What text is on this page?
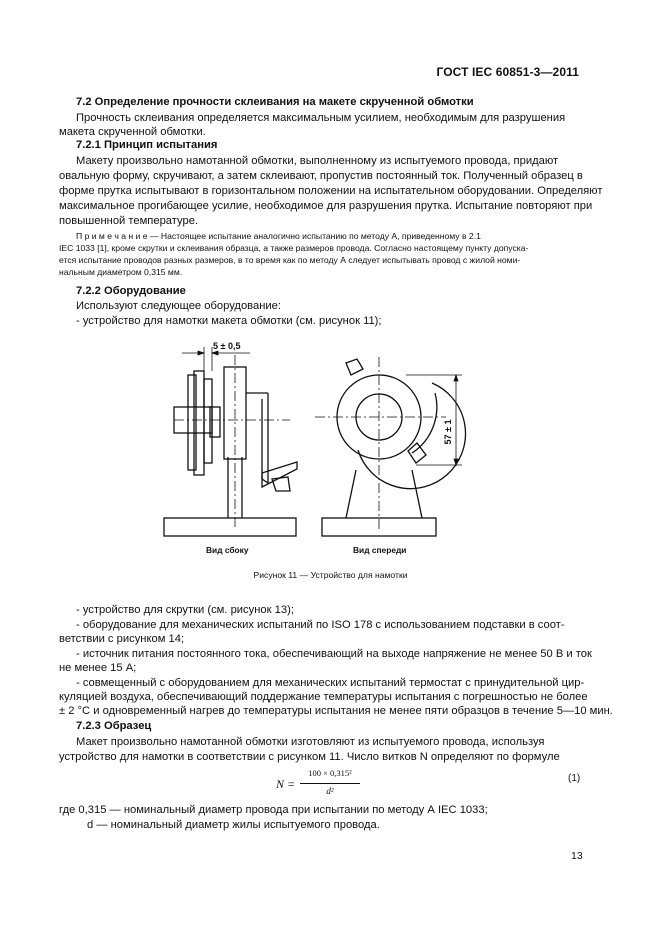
ГОСТ IEC 60851-3—2011
7.2 Определение прочности склеивания на макете скрученной обмотки
Прочность склеивания определяется максимальным усилием, необходимым для разрушения
макета скрученной обмотки.
7.2.1 Принцип испытания
Макету произвольно намотанной обмотки, выполненному из испытуемого провода, придают
овальную форму, скручивают, а затем склеивают, пропустив постоянный ток. Полученный образец в
форме прутка испытывают в горизонтальном положении на испытательном оборудовании. Определяют
максимальное прогибающее усилие, необходимое для разрушения прутка. Испытание повторяют при
повышенной температуре.
П р и м е ч а н и е — Настоящее испытание аналогично испытанию по методу А, приведенному в 2.1
IEC 1033 [1], кроме скрутки и склеивания образца, а также размеров провода. Согласно настоящему пункту допуска-
ется испытание проводов разных размеров, в то время как по методу А следует испытывать провод с жилой номи-
нальным диаметром 0,315 мм.
7.2.2 Оборудование
Используют следующее оборудование:
- устройство для намотки макета обмотки (см. рисунок 11);
5 ± 0,5
57 ± 1
Вид сбоку	Вид спереди
Рисунок 11 — Устройство для намотки
- устройство для скрутки (см. рисунок 13);
- оборудование для механических испытаний по ISO 178 с использованием подставки в соот-
ветствии с рисунком 14;
- источник питания постоянного тока, обеспечивающий на выходе напряжение не менее 50 В и ток
не менее 15 А;
- совмещенный с оборудованием для механических испытаний термостат с принудительной цир-
куляцией воздуха, обеспечивающий поддержание температуры испытания с погрешностью не более
± 2 °С и одновременный нагрев до температуры испытания не менее пяти образцов в течение 5—10 мин.
7.2.3 Образец
Макет произвольно намотанной обмотки изготовляют из испытуемого провода, используя
устройство для намотки в соответствии с рисунком 11. Число витков N определяют по формуле
N =
100 × 0,315²
d²
(1)
где 0,315 — номинальный диаметр провода при испытании по методу А IEC 1033;
d — номинальный диаметр жилы испытуемого провода.
13
